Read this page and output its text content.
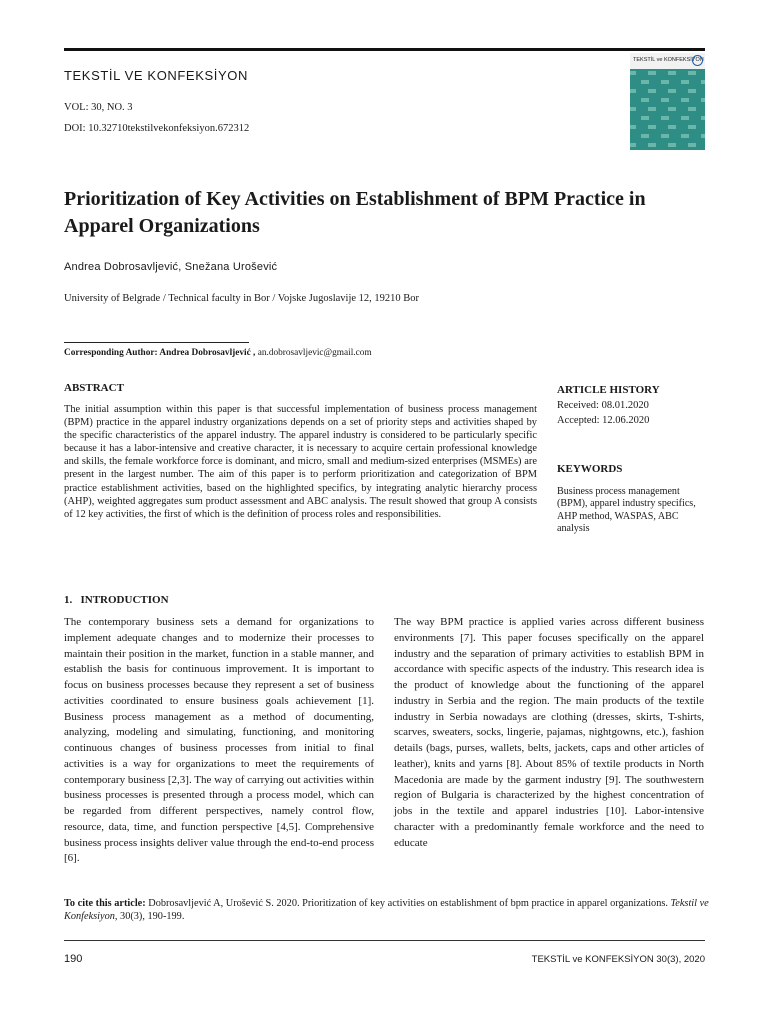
TEKSTİL VE KONFEKSİYON
VOL: 30, NO. 3
DOI: 10.32710tekstilvekonfeksiyon.672312
TEKSTİL ve KONFEKSİYON
Prioritization of Key Activities on Establishment of BPM Practice in Apparel Organizations
Andrea Dobrosavljević, Snežana Urošević
University of Belgrade / Technical faculty in Bor / Vojske Jugoslavije 12, 19210 Bor
Corresponding Author: Andrea Dobrosavljević , an.dobrosavljevic@gmail.com
ABSTRACT

The initial assumption within this paper is that successful implementation of business process management (BPM) practice in the apparel industry organizations depends on a set of priority steps and activities shaped by the specific characteristics of the apparel industry. The apparel industry is considered to be particularly specific because it has a labor-intensive and creative character, it is necessary to acquire certain professional knowledge and skills, the female workforce force is dominant, and micro, small and medium-sized enterprises (MSMEs) are present in the largest number. The aim of this paper is to perform prioritization and categorization of BPM practice establishment activities, based on the highlighted specifics, by integrating analytic hierarchy process (AHP), weighted aggregates sum product assessment and ABC analysis. The result showed that group A consists of 12 key activities, the first of which is the definition of process roles and responsibilities.

ARTICLE HISTORY
Received: 08.01.2020
Accepted: 12.06.2020
KEYWORDS

Business process management (BPM), apparel industry specifics, AHP method, WASPAS, ABC analysis

1.   INTRODUCTION

The contemporary business sets a demand for organizations to implement adequate changes and to modernize their processes to maintain their position in the market, function in a stable manner, and establish the basis for continuous improvement. It is important to focus on business processes because they represent a set of business activities coordinated to ensure business goals achievement [1]. Business process management as a method of documenting, analyzing, modeling and simulating, functioning, and monitoring continuous changes of business processes from initial to final activities is a way for organizations to meet the requirements of contemporary business [2,3]. The way of carrying out activities within business processes is presented through a process model, which can be regarded from different perspectives, namely control flow, resource, data, time, and function perspective [4,5]. Comprehensive business process insights deliver value through the end-to-end process [6].

The way BPM practice is applied varies across different business environments [7]. This paper focuses specifically on the apparel industry and the separation of primary activities to establish BPM in accordance with specific aspects of the industry. This research idea is the product of knowledge about the functioning of the apparel industry in Serbia and the region. The main products of the textile industry in Serbia nowadays are clothing (dresses, skirts, T-shirts, scarves, sweaters, socks, lingerie, pajamas, nightgowns, etc.), fashion details (bags, purses, wallets, belts, jackets, caps and other articles of leather), knits and yarns [8]. About 85% of textile products in North Macedonia are made by the garment industry [9]. The southwestern region of Bulgaria is characterized by the highest concentration of jobs in the textile and apparel industries [10]. Labor-intensive character with a predominantly female workforce and the need to educate

To cite this article: Dobrosavljević A, Urošević S. 2020. Prioritization of key activities on establishment of bpm practice in apparel organizations. Tekstil ve Konfeksiyon, 30(3), 190-199.

190	TEKSTİL ve KONFEKSİYON 30(3), 2020
